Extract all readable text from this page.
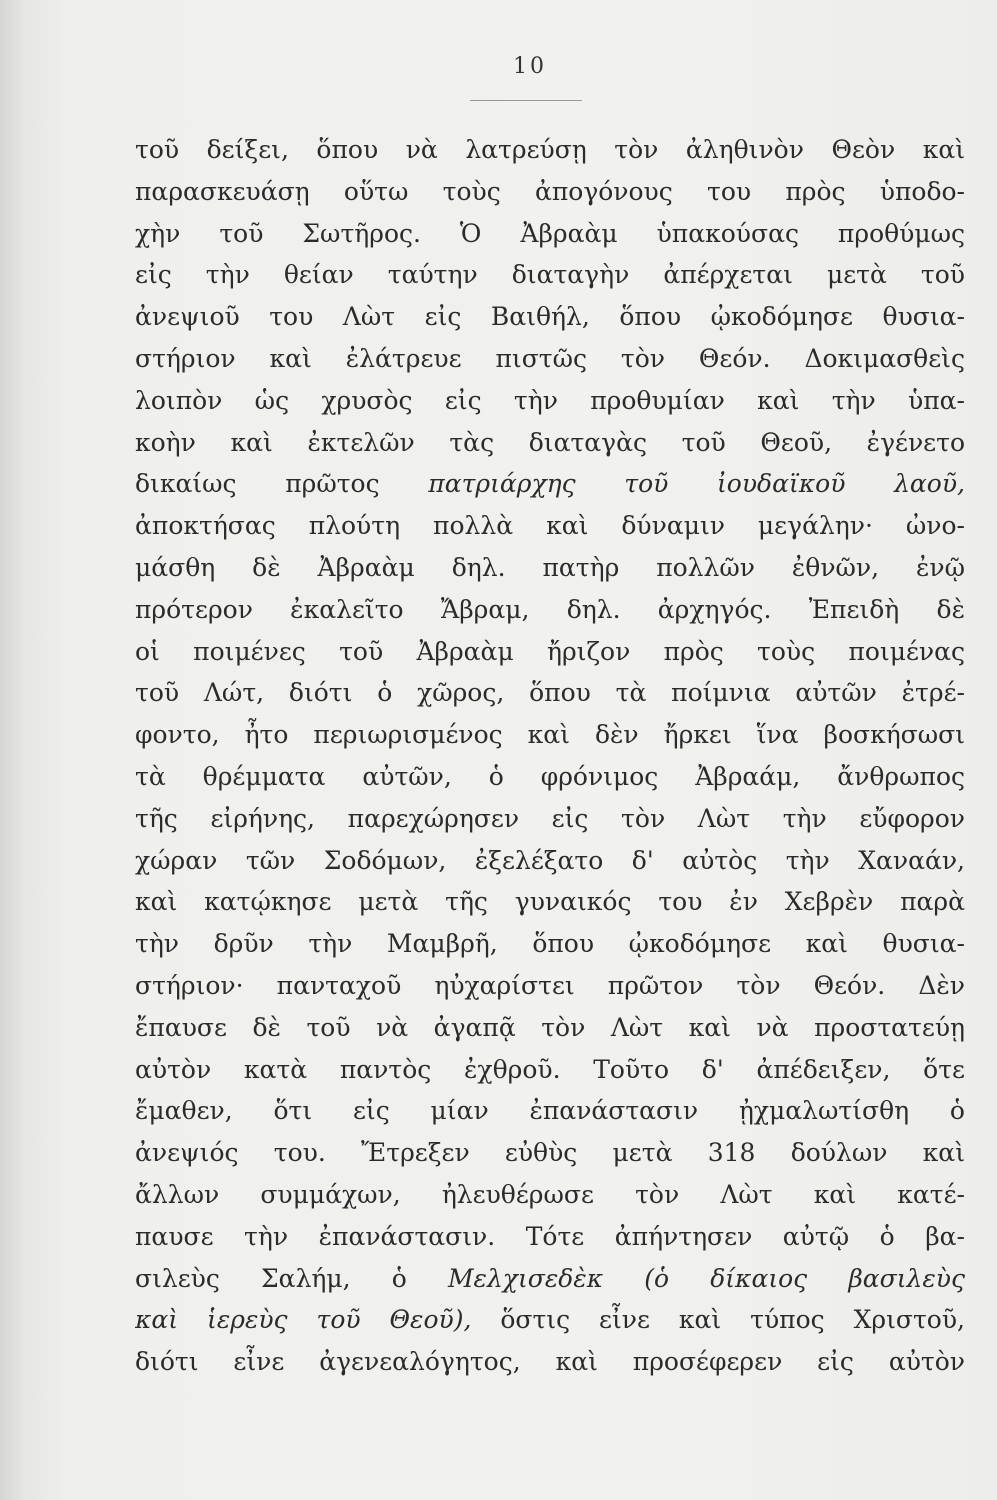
10
τοῦ δείξει, ὅπου νὰ λατρεύσῃ τὸν ἀληθινὸν Θεὸν καὶ
παρασκευάσῃ οὕτω τοὺς ἀπογόνους του πρὸς ὑποδο-
χὴν τοῦ Σωτῆρος. Ὁ Ἀβραὰμ ὑπακούσας προθύμως
εἰς τὴν θείαν ταύτην διαταγὴν ἀπέρχεται μετὰ τοῦ
ἀνεψιοῦ του Λὼτ εἰς Βαιθήλ, ὅπου ᾠκοδόμησε θυσια-
στήριον καὶ ἐλάτρευε πιστῶς τὸν Θεόν. Δοκιμασθεὶς
λοιπὸν ὡς χρυσὸς εἰς τὴν προθυμίαν καὶ τὴν ὑπα-
κοὴν καὶ ἐκτελῶν τὰς διαταγὰς τοῦ Θεοῦ, ἐγένετο
δικαίως πρῶτος πατριάρχης τοῦ ἰουδαϊκοῦ λαοῦ,
ἀποκτήσας πλούτη πολλὰ καὶ δύναμιν μεγάλην· ὠνο-
μάσθη δὲ Ἀβραὰμ δηλ. πατὴρ πολλῶν ἐθνῶν, ἐνῷ
πρότερον ἐκαλεῖτο Ἄβραμ, δηλ. ἀρχηγός. Ἐπειδὴ δὲ
οἱ ποιμένες τοῦ Ἀβραὰμ ἤριζον πρὸς τοὺς ποιμένας
τοῦ Λώτ, διότι ὁ χῶρος, ὅπου τὰ ποίμνια αὐτῶν ἐτρέ-
φοντο, ἦτο περιωρισμένος καὶ δὲν ἤρκει ἵνα βοσκήσωσι
τὰ θρέμματα αὐτῶν, ὁ φρόνιμος Ἀβραάμ, ἄνθρωπος
τῆς εἰρήνης, παρεχώρησεν εἰς τὸν Λὼτ τὴν εὔφορον
χώραν τῶν Σοδόμων, ἐξελέξατο δ' αὐτὸς τὴν Χαναάν,
καὶ κατῴκησε μετὰ τῆς γυναικός του ἐν Χεβρὲν παρὰ
τὴν δρῦν τὴν Μαμβρῆ, ὅπου ᾠκοδόμησε καὶ θυσια-
στήριον· πανταχοῦ ηὐχαρίστει πρῶτον τὸν Θεόν. Δὲν
ἔπαυσε δὲ τοῦ νὰ ἀγαπᾷ τὸν Λὼτ καὶ νὰ προστατεύῃ
αὐτὸν κατὰ παντὸς ἐχθροῦ. Τοῦτο δ' ἀπέδειξεν, ὅτε
ἔμαθεν, ὅτι εἰς μίαν ἐπανάστασιν ᾐχμαλωτίσθη ὁ
ἀνεψιός του. Ἔτρεξεν εὐθὺς μετὰ 318 δούλων καὶ
ἄλλων συμμάχων, ἠλευθέρωσε τὸν Λὼτ καὶ κατέ-
παυσε τὴν ἐπανάστασιν. Τότε ἀπήντησεν αὐτῷ ὁ βα-
σιλεὺς Σαλήμ, ὁ Μελχισεδὲκ (ὁ δίκαιος βασιλεὺς
καὶ ἱερεὺς τοῦ Θεοῦ), ὅστις εἶνε καὶ τύπος Χριστοῦ,
διότι εἶνε ἀγενεαλόγητος, καὶ προσέφερεν εἰς αὐτὸν
